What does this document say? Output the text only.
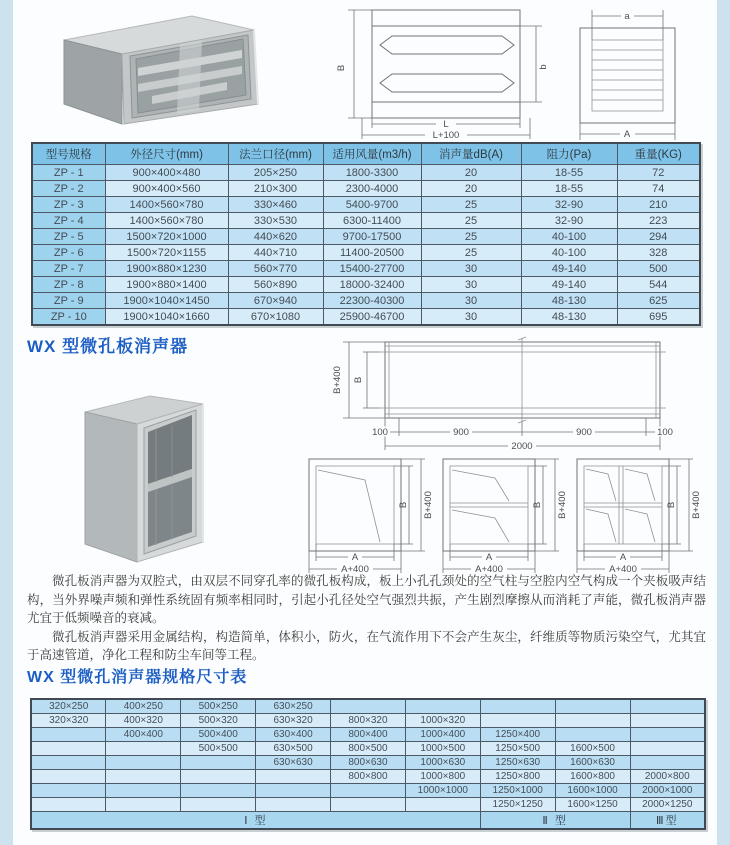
B	b
L
L+100
a
A
型号规格	外径尺寸(mm)	法兰口径(mm)	适用风量(m3/h)	消声量dB(A)	阻力(Pa)	重量(KG)
ZP - 1	900×400×480	205×250	1800-3300	20	18-55	72
ZP - 2	900×400×560	210×300	2300-4000	20	18-55	74
ZP - 3	1400×560×780	330×460	5400-9700	25	32-90	210
ZP - 4	1400×560×780	330×530	6300-11400	25	32-90	223
ZP - 5	1500×720×1000	440×620	9700-17500	25	40-100	294
ZP - 6	1500×720×1155	440×710	11400-20500	25	40-100	328
ZP - 7	1900×880×1230	560×770	15400-27700	30	49-140	500
ZP - 8	1900×880×1400	560×890	18000-32400	30	49-140	544
ZP - 9	1900×1040×1450	670×940	22300-40300	30	48-130	625
ZP - 10	1900×1040×1660	670×1080	25900-46700	30	48-130	695
WX 型微孔板消声器
B+400 B
100	900	900	100
2000
A
A+400
B B+400
A
A+400
B B+400
A
A+400
B B+400

微孔板消声器为双腔式，由双层不同穿孔率的微孔板构成，板上小孔孔颈处的空气柱与空腔内空气构成一个夹板吸声结构，当外界噪声频和弹性系统固有频率相同时，引起小孔径处空气强烈共振，产生剧烈摩擦从而消耗了声能，微孔板消声器尤宜于低频噪音的衰减。

微孔板消声器采用金属结构，构造简单，体积小，防火，在气流作用下不会产生灰尘，纤维质等物质污染空气，尤其宜于高速管道，净化工程和防尘车间等工程。

WX 型微孔消声器规格尺寸表
320×250	400×250	500×250	630×250					
320×320	400×320	500×320	630×320	800×320	1000×320			
	400×400	500×400	630×400	800×400	1000×400	1250×400		
		500×500	630×500	800×500	1000×500	1250×500	1600×500	
			630×630	800×630	1000×630	1250×630	1600×630	
				800×800	1000×800	1250×800	1600×800	2000×800
					1000×1000	1250×1000	1600×1000	2000×1000
						1250×1250	1600×1250	2000×1250
Ⅰ 型						Ⅱ 型		Ⅲ型
